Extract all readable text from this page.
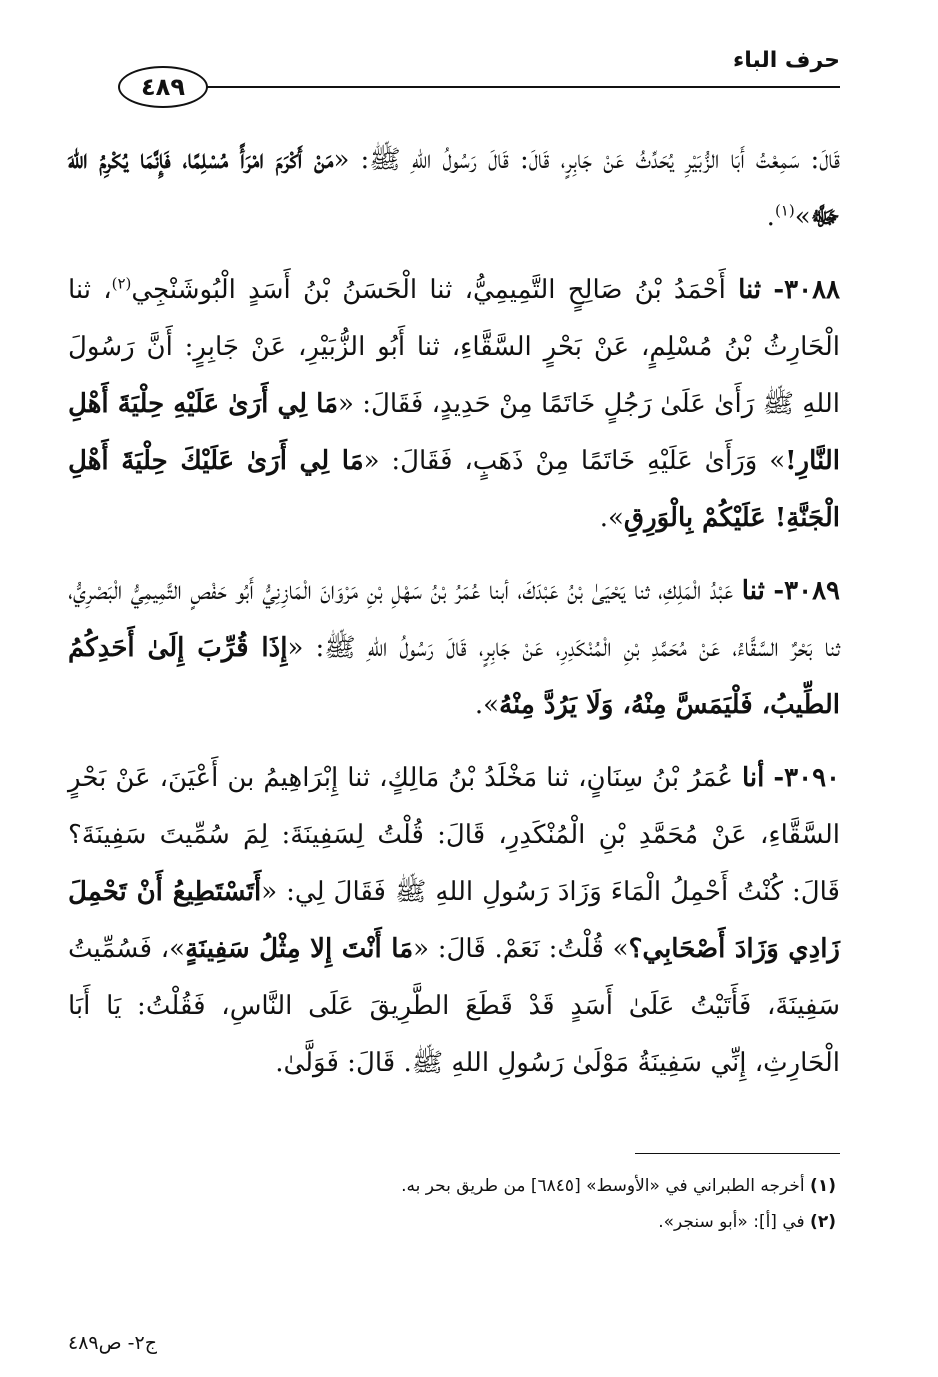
حرف الباء
٤٨٩

قَالَ: سَمِعْتُ أَبَا الزُّبَيْرِ يُحَدِّثُ عَنْ جَابِرٍ، قَالَ: قَالَ رَسُولُ اللهِ ﷺ: «مَنْ أَكْرَمَ امْرَأً مُسْلِمًا، فَإِنَّمَا يُكْرِمُ اللهَ ﷻ»$^{(١)}$.

٣٠٨٨- ثنا أَحْمَدُ بْنُ صَالِحٍ التَّمِيمِيُّ، ثنا الْحَسَنُ بْنُ أَسَدٍ الْبُوشَنْجِي$^{(٢)}$، ثنا الْحَارِثُ بْنُ مُسْلِمٍ، عَنْ بَحْرٍ السَّقَّاءِ، ثنا أَبُو الزُّبَيْرِ، عَنْ جَابِرٍ: أَنَّ رَسُولَ اللهِ ﷺ رَأَىٰ عَلَىٰ رَجُلٍ خَاتَمًا مِنْ حَدِيدٍ، فَقَالَ: «مَا لِي أَرَىٰ عَلَيْهِ حِلْيَةَ أَهْلِ النَّارِ!» وَرَأَىٰ عَلَيْهِ خَاتَمًا مِنْ ذَهَبٍ، فَقَالَ: «مَا لِي أَرَىٰ عَلَيْكَ حِلْيَةَ أَهْلِ الْجَنَّةِ! عَلَيْكُمْ بِالْوَرِقِ».

٣٠٨٩- ثنا عَبْدُ الْمَلِكِ، ثنا يَحْيَىٰ بْنُ عَبْدَكَ، أبنا عُمَرُ بْنُ سَهْلِ بْنِ مَرْوَانَ الْمَازِنِيُّ أَبُو حَفْصٍ التَّمِيمِيُّ الْبَصْرِيُّ، ثنا بَحْرٌ السَّقَّاءُ، عَنْ مُحَمَّدِ بْنِ الْمُنْكَدِرِ، عَنْ جَابِرٍ، قَالَ رَسُولُ اللهِ ﷺ: «إِذَا قُرِّبَ إِلَىٰ أَحَدِكُمُ الطِّيبُ، فَلْيَمَسَّ مِنْهُ، وَلَا يَرُدَّ مِنْهُ».

٣٠٩٠- أنا عُمَرُ بْنُ سِنَانٍ، ثنا مَخْلَدُ بْنُ مَالِكٍ، ثنا إِبْرَاهِيمُ بن أَعْيَنَ، عَنْ بَحْرٍ السَّقَّاءِ، عَنْ مُحَمَّدِ بْنِ الْمُنْكَدِرِ، قَالَ: قُلْتُ لِسَفِينَةَ: لِمَ سُمِّيتَ سَفِينَةَ؟ قَالَ: كُنْتُ أَحْمِلُ الْمَاءَ وَزَادَ رَسُولِ اللهِ ﷺ فَقَالَ لِي: «أَتَسْتَطِيعُ أَنْ تَحْمِلَ زَادِي وَزَادَ أَصْحَابِي؟» قُلْتُ: نَعَمْ. قَالَ: «مَا أَنْتَ إِلا مِثْلُ سَفِينَةٍ»، فَسُمِّيتُ سَفِينَةَ، فَأَتَيْتُ عَلَىٰ أَسَدٍ قَدْ قَطَعَ الطَّرِيقَ عَلَى النَّاسِ، فَقُلْتُ: يَا أَبَا الْحَارِثِ، إِنِّي سَفِينَةُ مَوْلَىٰ رَسُولِ اللهِ ﷺ. قَالَ: فَوَلَّىٰ.

(١) أخرجه الطبراني في «الأوسط» [٦٨٤٥] من طريق بحر به.

(٢) في [أ]: «أبو سنجر».

ج٢- ص٤٨٩
